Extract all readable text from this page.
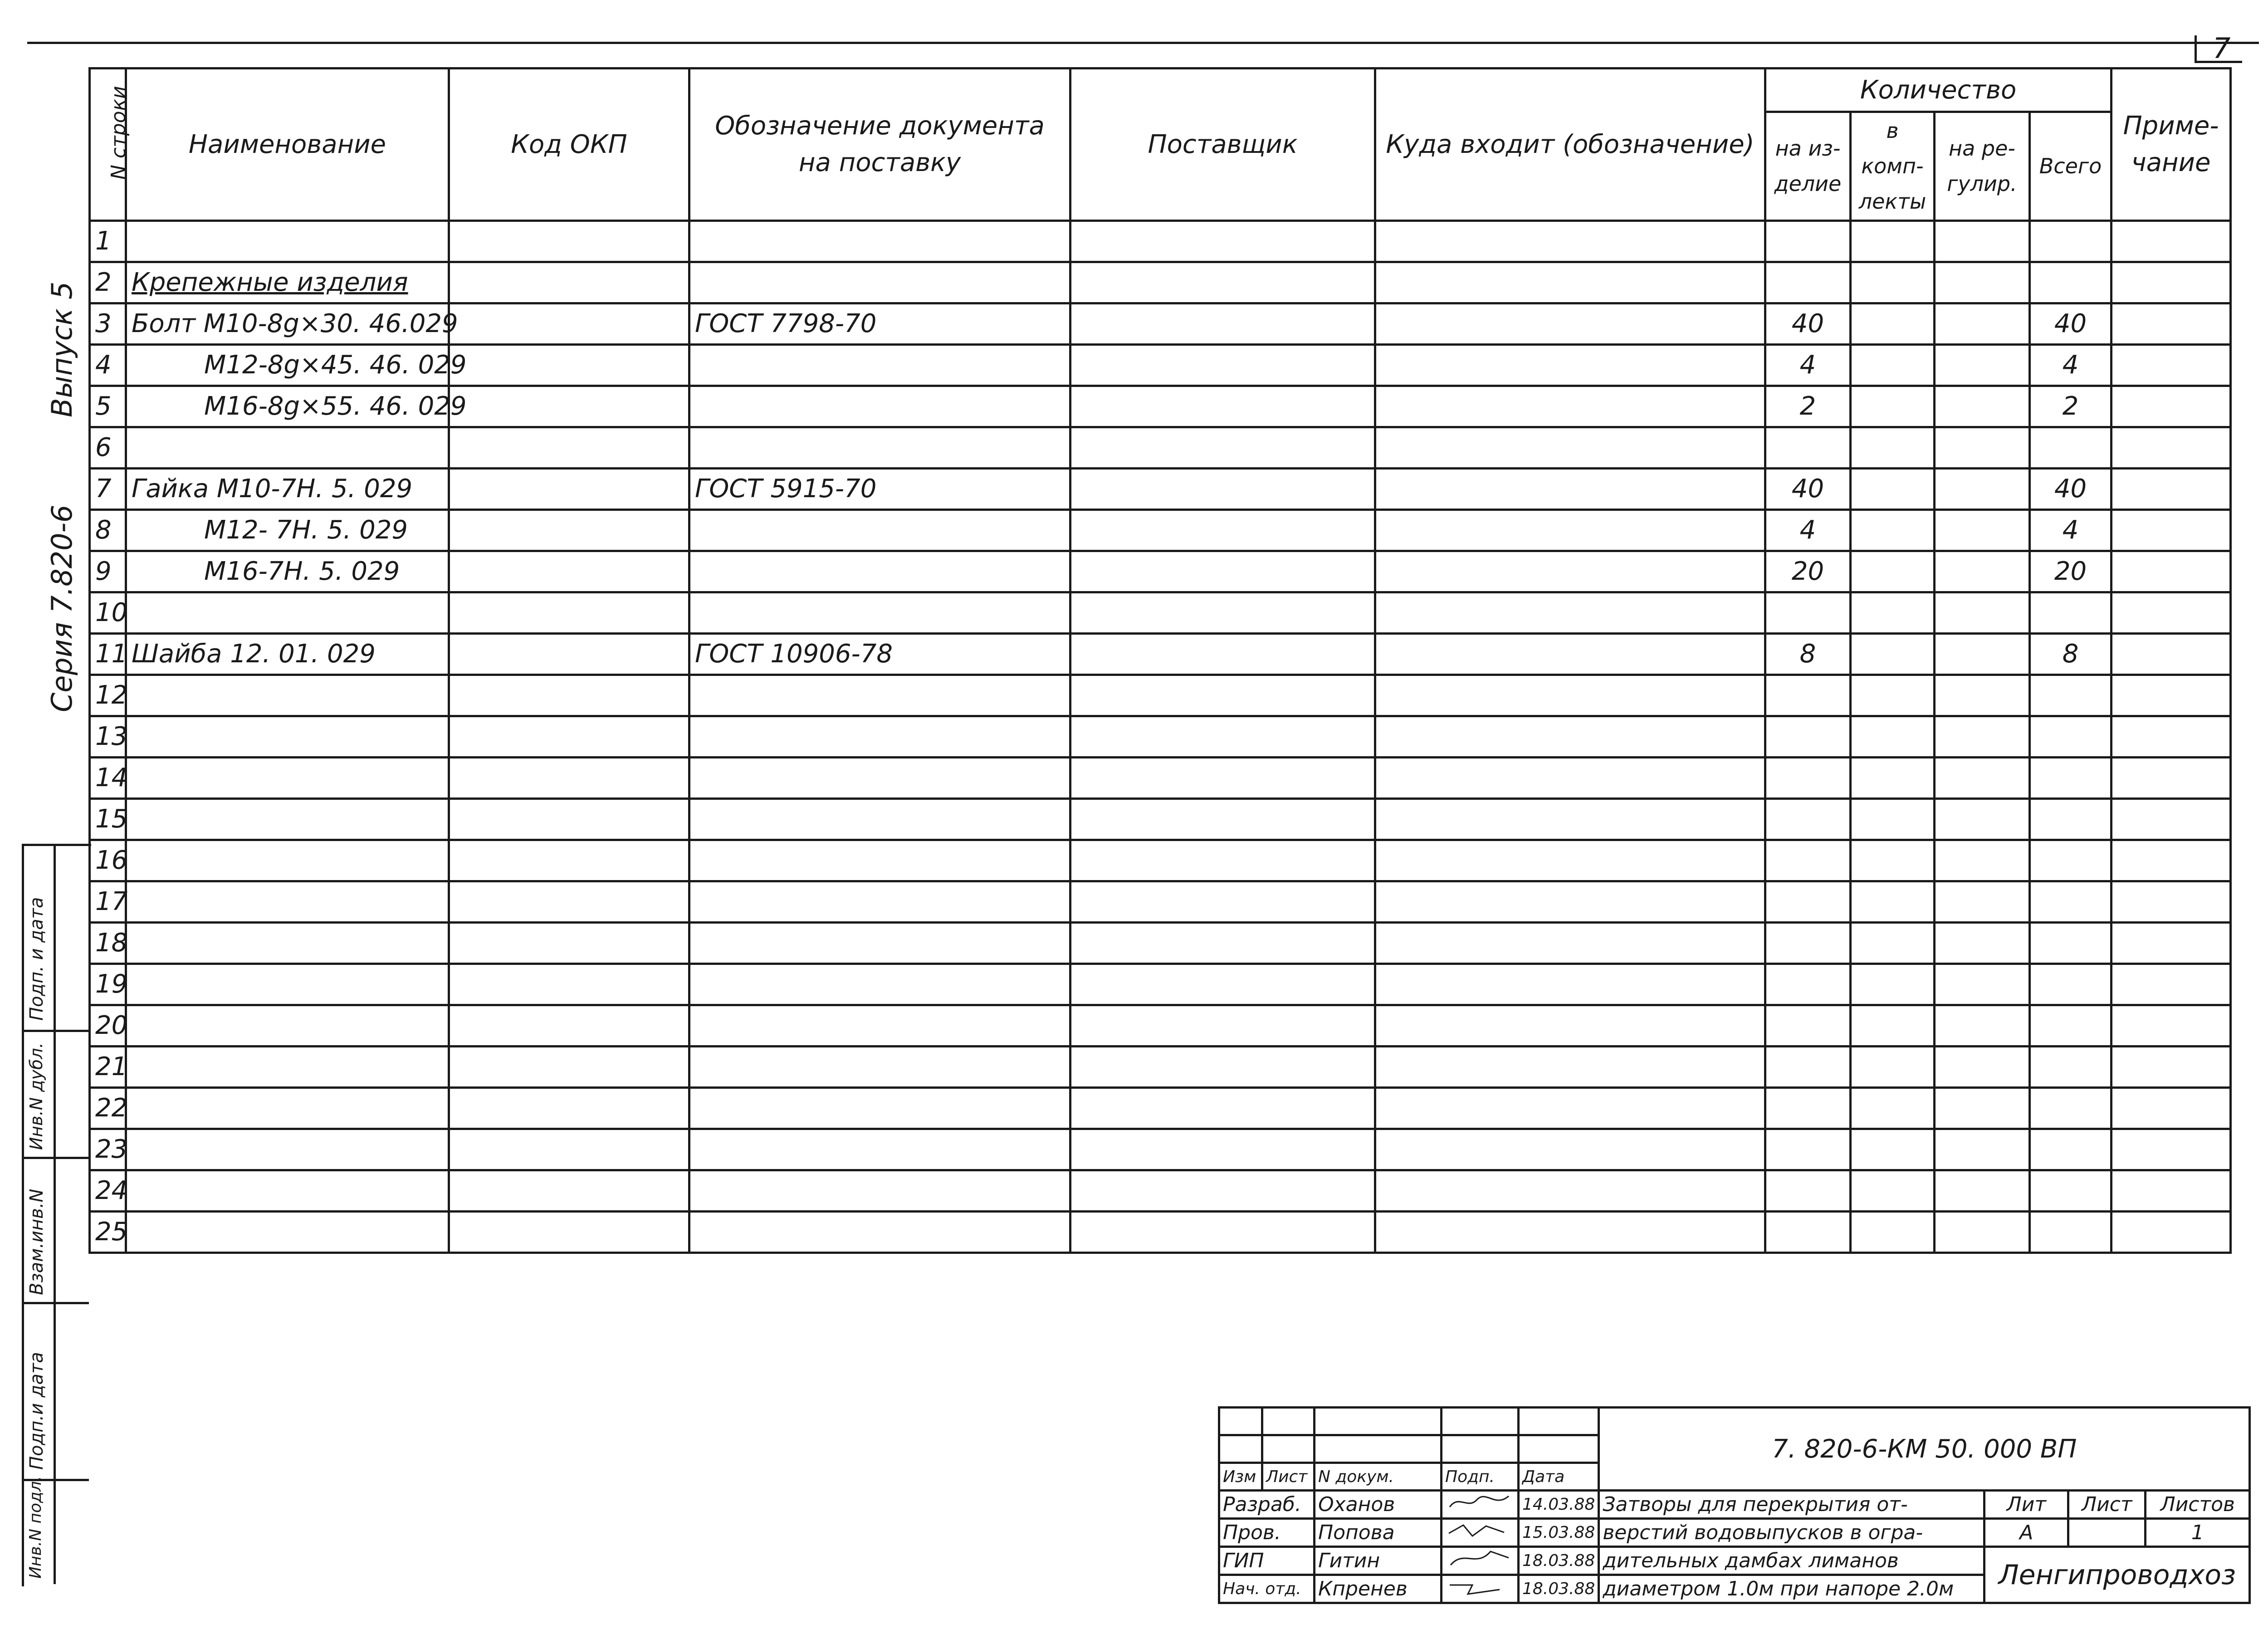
7
Выпуск 5
Серия 7.820-6
Подп. и дата
Инв.N дубл.
Взам.инв.N
Подп.и дата
Инв.N подл.
N строки	Наименование	Код ОКП	Обозначение документа на поставку	Поставщик	Куда входит (обозначение)	Количество				Приме- чание
						на из- делие	в комп- лекты	на ре- гулир.	Всего	
1										
2	Крепежные изделия									
3	Болт М10-8g×30. 46.029		ГОСТ 7798-70			40			40	
4	М12-8g×45. 46. 029					4			4	
5	М16-8g×55. 46. 029					2			2	
6										
7	Гайка М10-7Н. 5. 029		ГОСТ 5915-70			40			40	
8	М12- 7Н. 5. 029					4			4	
9	М16-7Н. 5. 029					20			20	
10										
11	Шайба 12. 01. 029		ГОСТ 10906-78			8			8	
12										
13										
14										
15										
16										
17										
18										
19										
20										
21										
22										
23										
24										
25										
					7. 820-6-КМ 50. 000 ВП			

Изм	Лист	N докум.	Подп.	Дата				
Разраб.		Оханов		14.03.88	Затворы для перекрытия от-	Лит	Лист	Листов
Пров.		Попова		15.03.88	верстий водовыпусков в огра-	А		1
ГИП		Гитин		18.03.88	дительных дамбах лиманов	Ленгипроводхоз		
Нач. отд.		Кпренев		18.03.88	диаметром 1.0м при напоре 2.0м			
